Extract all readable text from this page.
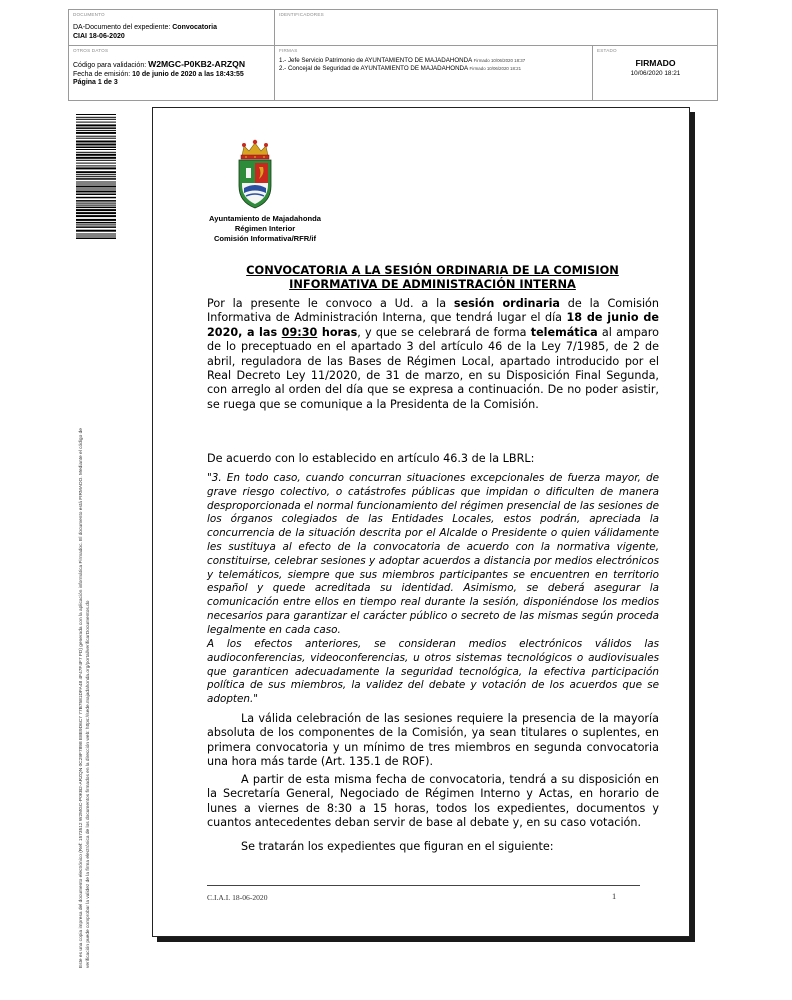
DOCUMENTO
DA-Documento del expediente: Convocatoria
CIAI 18-06-2020
IDENTIFICADORES
OTROS DATOS
Código para validación: W2MGC-P0KB2-ARZQN
Fecha de emisión: 10 de junio de 2020 a las 18:43:55
Página 1 de 3
FIRMAS
1.- Jefe Servicio Patrimonio de AYUNTAMIENTO DE MAJADAHONDA Firmado 10/06/2020 18:37
2.- Concejal de Seguridad de AYUNTAMIENTO DE MAJADAHONDA Firmado 10/06/2020 18:21
ESTADO
FIRMADO
10/06/2020 18:21
Este es una copia impresa del documento electrónico (Ref: 1573512 W2MGC-P0KB2-ARZQN 0C29F7898 E8E9D6C7 77B7581DFA48 4F47F4F7 FD) generada con la aplicación informática Firmadoc. El documento está FIRMADO. Mediante el código de verificación puede comprobar la validez de la firma electrónica de los documentos firmados en la dirección web: https://sede.majadahonda.org/portal/verificarDocumentos.do
Ayuntamiento de Majadahonda
Régimen Interior
Comisión Informativa/RFR/if
CONVOCATORIA A LA SESIÓN ORDINARIA DE LA COMISION INFORMATIVA DE ADMINISTRACIÓN INTERNA
Por la presente le convoco a Ud. a la sesión ordinaria de la Comisión Informativa de Administración Interna, que tendrá lugar el día 18 de junio de 2020, a las 09:30 horas, y que se celebrará de forma telemática al amparo de lo preceptuado en el apartado 3 del artículo 46 de la Ley 7/1985, de 2 de abril, reguladora de las Bases de Régimen Local, apartado introducido por el Real Decreto Ley 11/2020, de 31 de marzo, en su Disposición Final Segunda, con arreglo al orden del día que se expresa a continuación. De no poder asistir, se ruega que se comunique a la Presidenta de la Comisión.
De acuerdo con lo establecido en artículo 46.3 de la LBRL:
"3. En todo caso, cuando concurran situaciones excepcionales de fuerza mayor, de grave riesgo colectivo, o catástrofes públicas que impidan o dificulten de manera desproporcionada el normal funcionamiento del régimen presencial de las sesiones de los órganos colegiados de las Entidades Locales, estos podrán, apreciada la concurrencia de la situación descrita por el Alcalde o Presidente o quien válidamente les sustituya al efecto de la convocatoria de acuerdo con la normativa vigente, constituirse, celebrar sesiones y adoptar acuerdos a distancia por medios electrónicos y telemáticos, siempre que sus miembros participantes se encuentren en territorio español y quede acreditada su identidad. Asimismo, se deberá asegurar la comunicación entre ellos en tiempo real durante la sesión, disponiéndose los medios necesarios para garantizar el carácter público o secreto de las mismas según proceda legalmente en cada caso.
A los efectos anteriores, se consideran medios electrónicos válidos las audioconferencias, videoconferencias, u otros sistemas tecnológicos o audiovisuales que garanticen adecuadamente la seguridad tecnológica, la efectiva participación política de sus miembros, la validez del debate y votación de los acuerdos que se adopten."
La válida celebración de las sesiones requiere la presencia de la mayoría absoluta de los componentes de la Comisión, ya sean titulares o suplentes, en primera convocatoria y un mínimo de tres miembros en segunda convocatoria una hora más tarde (Art. 135.1 de ROF).
A partir de esta misma fecha de convocatoria, tendrá a su disposición en la Secretaría General, Negociado de Régimen Interno y Actas, en horario de lunes a viernes de 8:30 a 15 horas, todos los expedientes, documentos y cuantos antecedentes deban servir de base al debate y, en su caso votación.
Se tratarán los expedientes que figuran en el siguiente:
C.I.A.I. 18-06-2020	1
